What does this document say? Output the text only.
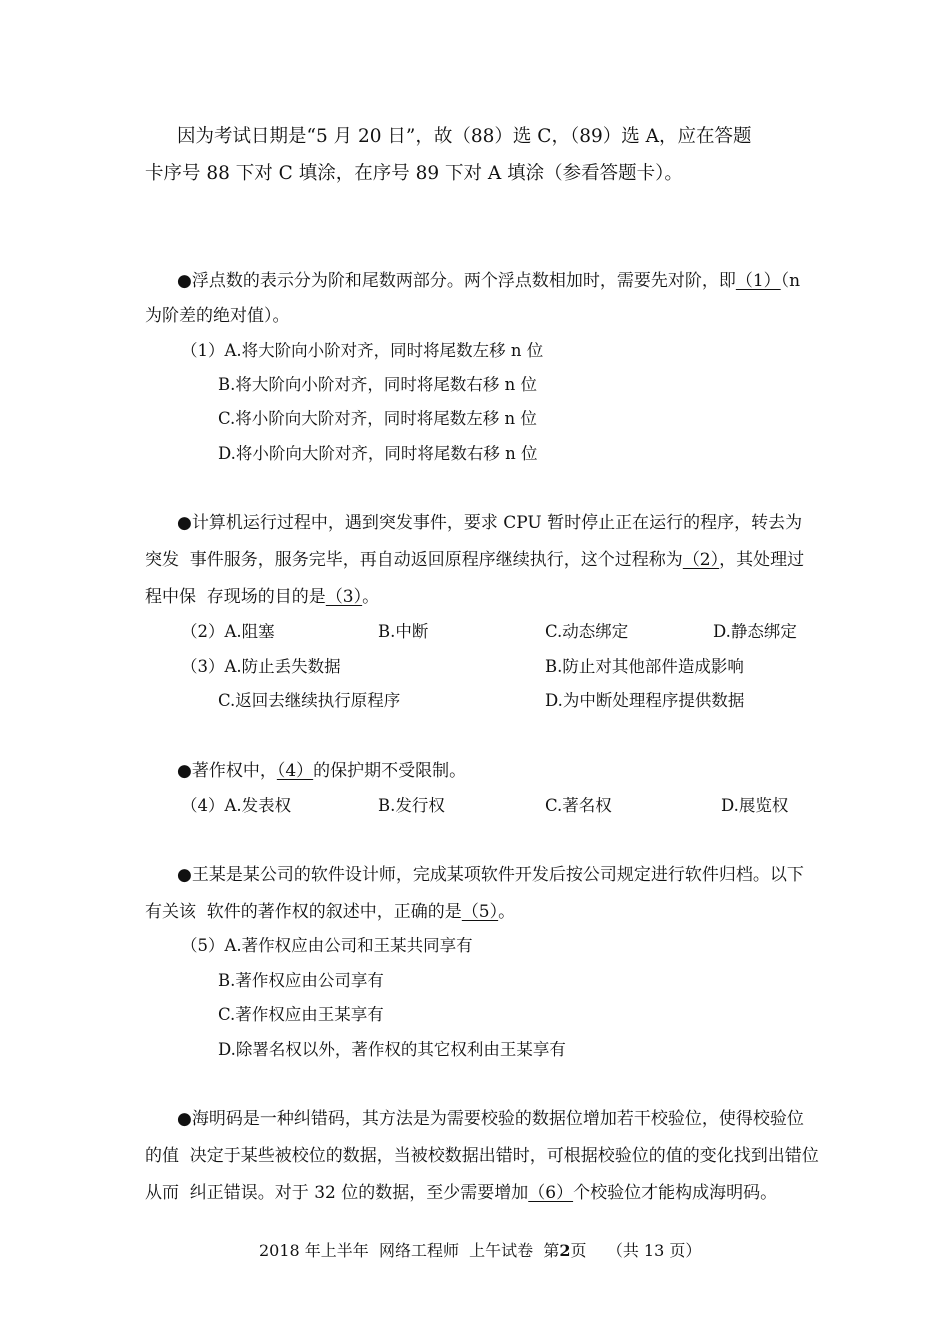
因为考试日期是“5 月 20 日”，故（88）选 C，（89）选 A，应在答题
卡序号 88 下对 C 填涂，在序号 89 下对 A 填涂（参看答题卡）。
●浮点数的表示分为阶和尾数两部分。两个浮点数相加时，需要先对阶，即（1）（n
为阶差的绝对值）。
（1）A.将大阶向小阶对齐，同时将尾数左移 n 位
B.将大阶向小阶对齐，同时将尾数右移 n 位
C.将小阶向大阶对齐，同时将尾数左移 n 位
D.将小阶向大阶对齐，同时将尾数右移 n 位
●计算机运行过程中，遇到突发事件，要求 CPU 暂时停止正在运行的程序，转去为
突发  事件服务，服务完毕，再自动返回原程序继续执行，这个过程称为（2），其处理过
程中保  存现场的目的是（3）。
（2）A.阻塞	B.中断	C.动态绑定	D.静态绑定
（3）A.防止丢失数据	B.防止对其他部件造成影响
C.返回去继续执行原程序	D.为中断处理程序提供数据
●著作权中，（4）的保护期不受限制。
（4）A.发表权	B.发行权	C.著名权	D.展览权
●王某是某公司的软件设计师，完成某项软件开发后按公司规定进行软件归档。以下
有关该  软件的著作权的叙述中，正确的是（5）。
（5）A.著作权应由公司和王某共同享有
B.著作权应由公司享有
C.著作权应由王某享有
D.除署名权以外，著作权的其它权利由王某享有
●海明码是一种纠错码，其方法是为需要校验的数据位增加若干校验位，使得校验位
的值  决定于某些被校位的数据，当被校数据出错时，可根据校验位的值的变化找到出错位
从而  纠正错误。对于 32 位的数据，至少需要增加（6）个校验位才能构成海明码。
2018 年上半年  网络工程师  上午试卷  第2页    （共 13 页）
